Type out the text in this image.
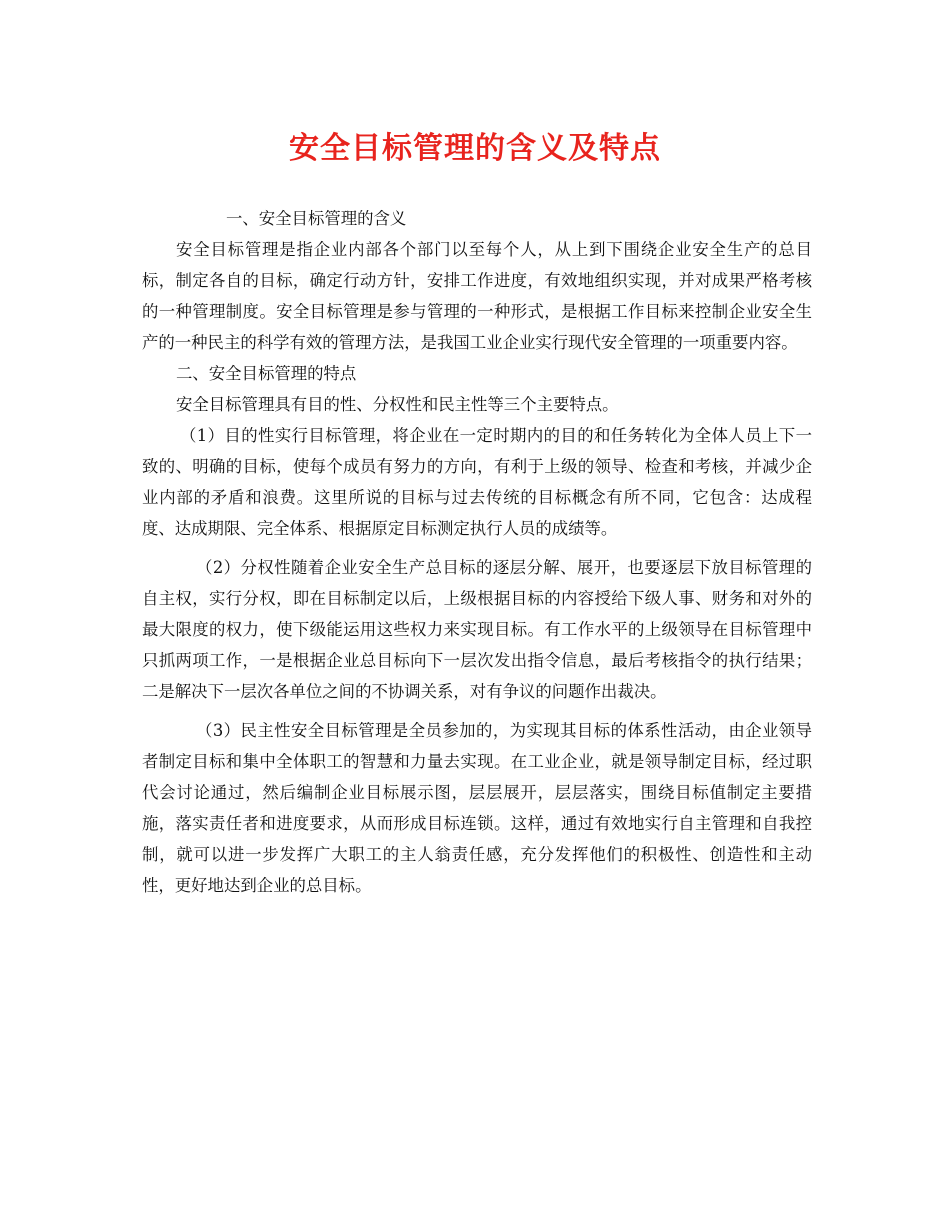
安全目标管理的含义及特点

一、安全目标管理的含义

安全目标管理是指企业内部各个部门以至每个人，从上到下围绕企业安全生产的总目标，制定各自的目标，确定行动方针，安排工作进度，有效地组织实现，并对成果严格考核的一种管理制度。安全目标管理是参与管理的一种形式，是根据工作目标来控制企业安全生产的一种民主的科学有效的管理方法，是我国工业企业实行现代安全管理的一项重要内容。

二、安全目标管理的特点

安全目标管理具有目的性、分权性和民主性等三个主要特点。

（1）目的性实行目标管理，将企业在一定时期内的目的和任务转化为全体人员上下一致的、明确的目标，使每个成员有努力的方向，有利于上级的领导、检查和考核，并减少企业内部的矛盾和浪费。这里所说的目标与过去传统的目标概念有所不同，它包含：达成程度、达成期限、完全体系、根据原定目标测定执行人员的成绩等。

（2）分权性随着企业安全生产总目标的逐层分解、展开，也要逐层下放目标管理的自主权，实行分权，即在目标制定以后，上级根据目标的内容授给下级人事、财务和对外的最大限度的权力，使下级能运用这些权力来实现目标。有工作水平的上级领导在目标管理中只抓两项工作，一是根据企业总目标向下一层次发出指令信息，最后考核指令的执行结果；二是解决下一层次各单位之间的不协调关系，对有争议的问题作出裁决。

（3）民主性安全目标管理是全员参加的，为实现其目标的体系性活动，由企业领导者制定目标和集中全体职工的智慧和力量去实现。在工业企业，就是领导制定目标，经过职代会讨论通过，然后编制企业目标展示图，层层展开，层层落实，围绕目标值制定主要措施，落实责任者和进度要求，从而形成目标连锁。这样，通过有效地实行自主管理和自我控制，就可以进一步发挥广大职工的主人翁责任感，充分发挥他们的积极性、创造性和主动性，更好地达到企业的总目标。
